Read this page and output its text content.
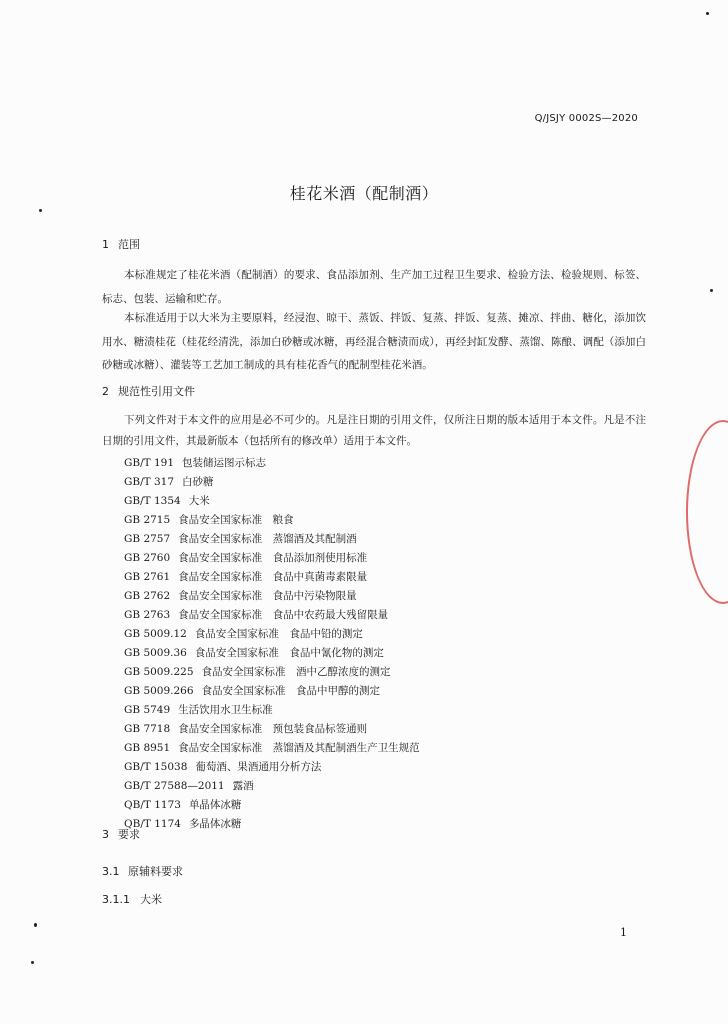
Q/JSJY 0002S—2020
桂花米酒（配制酒）
1 范围

本标准规定了桂花米酒（配制酒）的要求、食品添加剂、生产加工过程卫生要求、检验方法、检验规则、标签、标志、包装、运输和贮存。

本标准适用于以大米为主要原料，经浸泡、晾干、蒸饭、拌饭、复蒸、拌饭、复蒸、摊凉、拌曲、糖化，添加饮用水、糖渍桂花（桂花经清洗，添加白砂糖或冰糖，再经混合糖渍而成），再经封缸发酵、蒸馏、陈酿、调配（添加白砂糖或冰糖）、灌装等工艺加工制成的具有桂花香气的配制型桂花米酒。

2 规范性引用文件

下列文件对于本文件的应用是必不可少的。凡是注日期的引用文件，仅所注日期的版本适用于本文件。凡是不注日期的引用文件，其最新版本（包括所有的修改单）适用于本文件。

GB/T 191 包装储运图示标志
GB/T 317 白砂糖
GB/T 1354 大米
GB 2715 食品安全国家标准　粮食
GB 2757 食品安全国家标准　蒸馏酒及其配制酒
GB 2760 食品安全国家标准　食品添加剂使用标准
GB 2761 食品安全国家标准　食品中真菌毒素限量
GB 2762 食品安全国家标准　食品中污染物限量
GB 2763 食品安全国家标准　食品中农药最大残留限量
GB 5009.12 食品安全国家标准　食品中铅的测定
GB 5009.36 食品安全国家标准　食品中氰化物的测定
GB 5009.225 食品安全国家标准　酒中乙醇浓度的测定
GB 5009.266 食品安全国家标准　食品中甲醇的测定
GB 5749 生活饮用水卫生标准
GB 7718 食品安全国家标准　预包装食品标签通则
GB 8951 食品安全国家标准　蒸馏酒及其配制酒生产卫生规范
GB/T 15038 葡萄酒、果酒通用分析方法
GB/T 27588—2011 露酒
QB/T 1173 单晶体冰糖
QB/T 1174 多晶体冰糖
3 要求
3.1 原辅料要求
3.1.1 大米
1
